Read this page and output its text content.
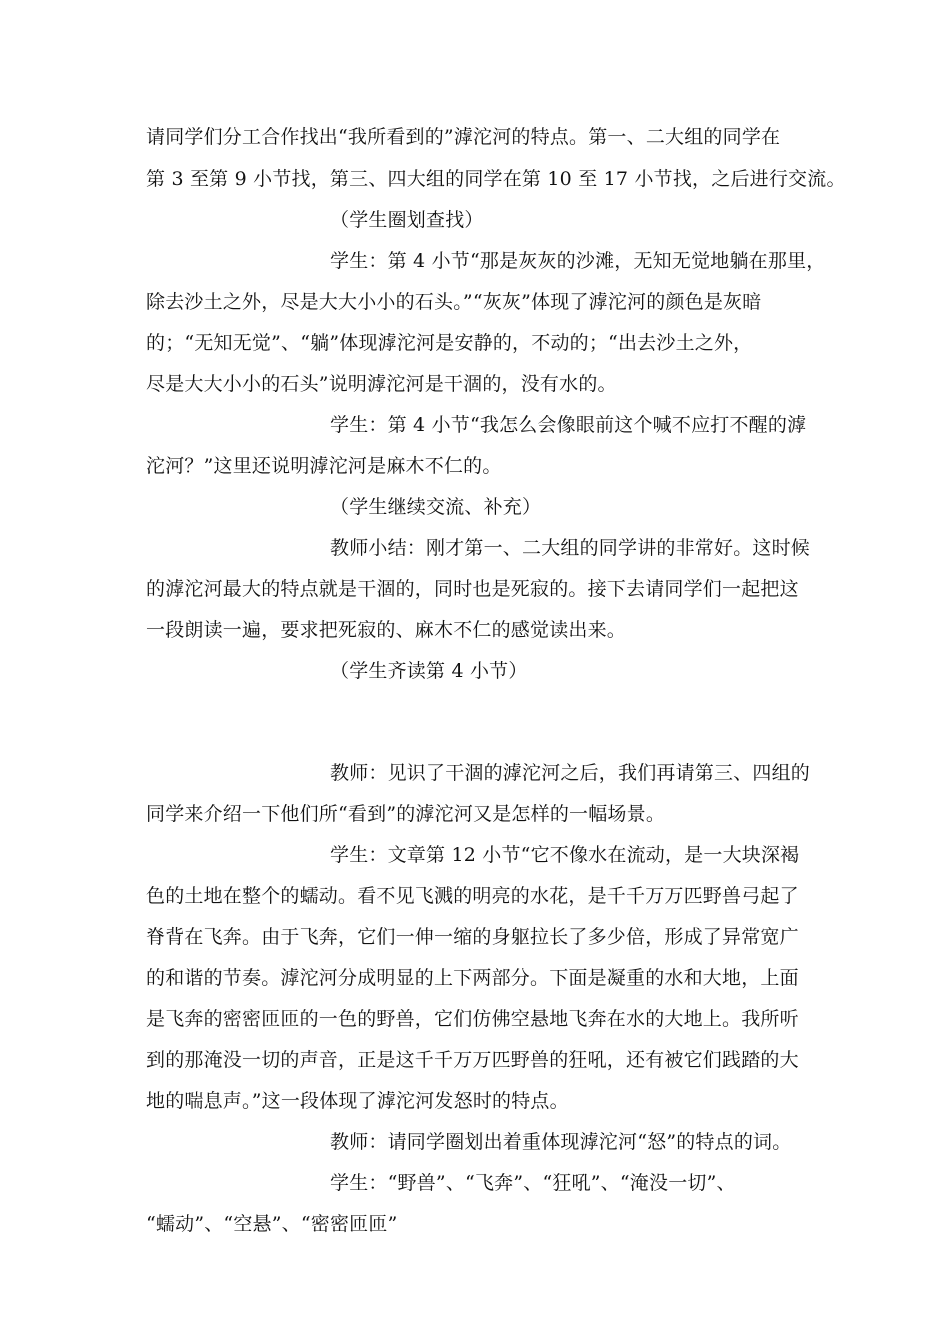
请同学们分工合作找出“我所看到的”滹沱河的特点。第一、二大组的同学在
第 3 至第 9 小节找，第三、四大组的同学在第 10 至 17 小节找，之后进行交流。
（学生圈划查找）
学生：第 4 小节“那是灰灰的沙滩，无知无觉地躺在那里，
除去沙土之外，尽是大大小小的石头。”“灰灰”体现了滹沱河的颜色是灰暗
的；“无知无觉”、“躺”体现滹沱河是安静的，不动的；“出去沙土之外，
尽是大大小小的石头”说明滹沱河是干涸的，没有水的。
学生：第 4 小节“我怎么会像眼前这个喊不应打不醒的滹
沱河？”这里还说明滹沱河是麻木不仁的。
（学生继续交流、补充）
教师小结：刚才第一、二大组的同学讲的非常好。这时候
的滹沱河最大的特点就是干涸的，同时也是死寂的。接下去请同学们一起把这
一段朗读一遍，要求把死寂的、麻木不仁的感觉读出来。
（学生齐读第 4 小节）
教师：见识了干涸的滹沱河之后，我们再请第三、四组的
同学来介绍一下他们所“看到”的滹沱河又是怎样的一幅场景。
学生：文章第 12 小节“它不像水在流动，是一大块深褐
色的土地在整个的蠕动。看不见飞溅的明亮的水花，是千千万万匹野兽弓起了
脊背在飞奔。由于飞奔，它们一伸一缩的身躯拉长了多少倍，形成了异常宽广
的和谐的节奏。滹沱河分成明显的上下两部分。下面是凝重的水和大地，上面
是飞奔的密密匝匝的一色的野兽，它们仿佛空悬地飞奔在水的大地上。我所听
到的那淹没一切的声音，正是这千千万万匹野兽的狂吼，还有被它们践踏的大
地的喘息声。”这一段体现了滹沱河发怒时的特点。
教师：请同学圈划出着重体现滹沱河“怒”的特点的词。
学生：“野兽”、“飞奔”、“狂吼”、“淹没一切”、
“蠕动”、“空悬”、“密密匝匝”
